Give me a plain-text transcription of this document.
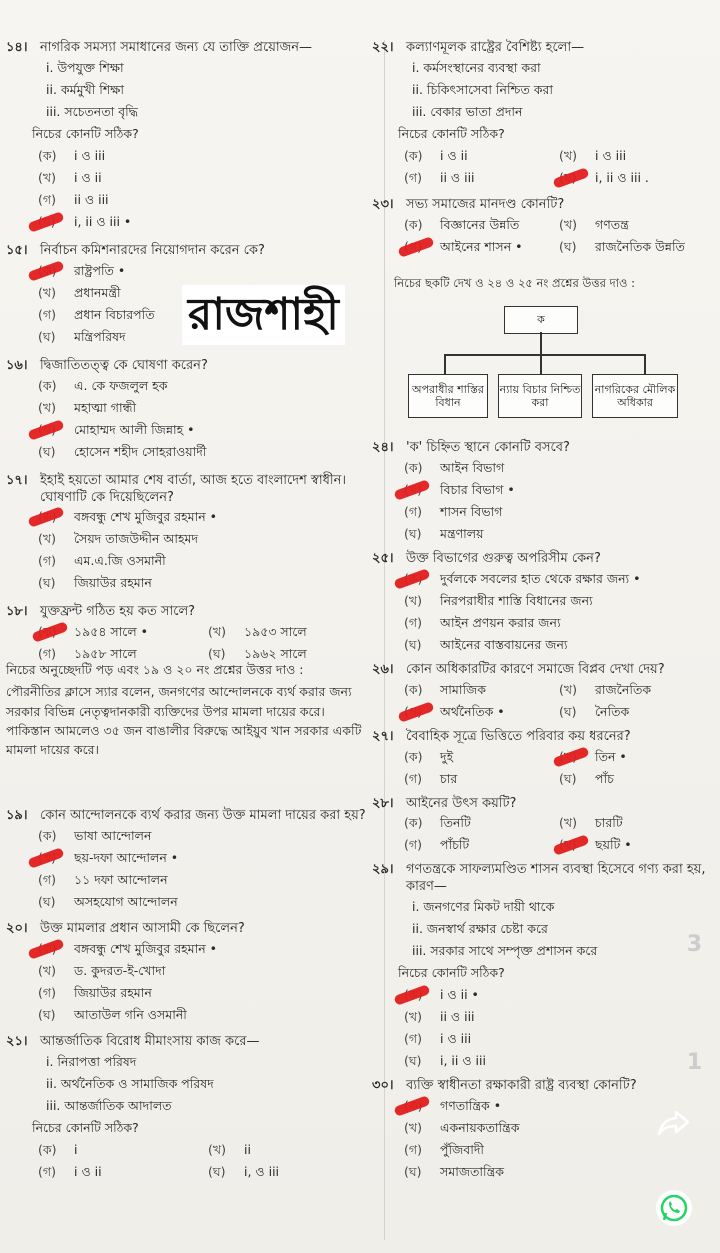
১৪। নাগরিক সমস্যা সমাধানের জন্য যে তাক্তি প্রয়োজন—
i. উপযুক্ত শিক্ষা
ii. কর্মমুখী শিক্ষা
iii. সচেতনতা বৃদ্ধি
নিচের কোনটি সঠিক?
(ক)	i ও iii
(খ)	i ও ii
(গ)	ii ও iii
i, ii ও iii •
১৫। নির্বাচন কমিশনারদের নিয়োগদান করেন কে?
রাষ্ট্রপতি •
(খ)	প্রধানমন্ত্রী
(গ)	প্রধান বিচারপতি
(ঘ)	মন্ত্রিপরিষদ
১৬। দ্বিজাতিতত্ত্ব কে ঘোষণা করেন?
(ক)	এ. কে ফজলুল হক
(খ)	মহাত্মা গান্ধী
মোহাম্মদ আলী জিন্নাহ •
(ঘ)	হোসেন শহীদ সোহরাওয়ার্দী
১৭। ইহাই হয়তো আমার শেষ বার্তা, আজ হতে বাংলাদেশ স্বাধীন। ঘোষণাটি কে দিয়েছিলেন?
বঙ্গবন্ধু শেখ মুজিবুর রহমান •
(খ)	সৈয়দ তাজউদ্দীন আহমদ
(গ)	এম.এ.জি ওসমানী
(ঘ)	জিয়াউর রহমান
১৮। যুক্তফ্রন্ট গঠিত হয় কত সালে?
১৯৫৪ সালে •	(খ)	১৯৫৩ সালে
(গ)	১৯৫৮ সালে	(ঘ)	১৯৬২ সালে
রাজশাহী
নিচের অনুচ্ছেদটি পড় এবং ১৯ ও ২০ নং প্রশ্নের উত্তর দাও :
পৌরনীতির ক্লাসে স্যার বলেন, জনগণের আন্দোলনকে ব্যর্থ করার জন্য সরকার বিভিন্ন নেতৃত্বদানকারী ব্যক্তিদের উপর মামলা দায়ের করে। পাকিস্তান আমলেও ৩৫ জন বাঙালীর বিরুদ্ধে আইয়ুব খান সরকার একটি মামলা দায়ের করে।
১৯। কোন আন্দোলনকে ব্যর্থ করার জন্য উক্ত মামলা দায়ের করা হয়?
(ক)	ভাষা আন্দোলন
ছয়-দফা আন্দোলন •
(গ)	১১ দফা আন্দোলন
(ঘ)	অসহযোগ আন্দোলন
২০। উক্ত মামলার প্রধান আসামী কে ছিলেন?
বঙ্গবন্ধু শেখ মুজিবুর রহমান •
(খ)	ড. কুদরত-ই-খোদা
(গ)	জিয়াউর রহমান
(ঘ)	আতাউল গনি ওসমানী
২১। আন্তর্জাতিক বিরোধ মীমাংসায় কাজ করে—
i. নিরাপত্তা পরিষদ
ii. অর্থনৈতিক ও সামাজিক পরিষদ
iii. আন্তর্জাতিক আদালত
নিচের কোনটি সঠিক?
(ক)	i	(খ)	ii
(গ)	i ও ii	(ঘ)	i, ও iii
২২। কল্যাণমূলক রাষ্ট্রের বৈশিষ্ট্য হলো—
i. কর্মসংস্থানের ব্যবস্থা করা
ii. চিকিৎসাসেবা নিশ্চিত করা
iii. বেকার ভাতা প্রদান
নিচের কোনটি সঠিক?
(ক)	i ও ii	(খ)	i ও iii
(গ)	ii ও iii	i, ii ও iii .
২৩। সভ্য সমাজের মানদণ্ড কোনটি?
(ক)	বিজ্ঞানের উন্নতি	(খ)	গণতন্ত্র
আইনের শাসন •	(ঘ)	রাজনৈতিক উন্নতি
নিচের ছকটি দেখ ও ২৪ ও ২৫ নং প্রশ্নের উত্তর দাও :
ক
অপরাধীর শাস্তির বিধান
ন্যায় বিচার নিশ্চিত করা
নাগরিকের মৌলিক অধিকার
২৪। 'ক' চিহ্নিত স্থানে কোনটি বসবে?
(ক)	আইন বিভাগ
বিচার বিভাগ •
(গ)	শাসন বিভাগ
(ঘ)	মন্ত্রণালয়
২৫। উক্ত বিভাগের গুরুত্ব অপরিসীম কেন?
দুর্বলকে সবলের হাত থেকে রক্ষার জন্য •
(খ)	নিরপরাধীর শাস্তি বিধানের জন্য
(গ)	আইন প্রণয়ন করার জন্য
(ঘ)	আইনের বাস্তবায়নের জন্য
২৬। কোন অধিকারটির কারণে সমাজে বিপ্লব দেখা দেয়?
(ক)	সামাজিক	(খ)	রাজনৈতিক
অর্থনৈতিক •	(ঘ)	নৈতিক
২৭। বৈবাহিক সূত্রে ভিত্তিতে পরিবার কয় ধরনের?
(ক)	দুই	তিন •
(গ)	চার	(ঘ)	পাঁচ
২৮। আইনের উৎস কয়টি?
(ক)	তিনটি	(খ)	চারটি
(গ)	পাঁচটি	ছয়টি •
২৯। গণতন্ত্রকে সাফল্যমণ্ডিত শাসন ব্যবস্থা হিসেবে গণ্য করা হয়, কারণ—
i. জনগণের মিকট দায়ী থাকে
ii. জনস্বার্থ রক্ষার চেষ্টা করে
iii. সরকার সাথে সম্পৃক্ত প্রশাসন করে
নিচের কোনটি সঠিক?
i ও ii •
(খ)	ii ও iii
(গ)	i ও iii
(ঘ)	i, ii ও iii
৩০। ব্যক্তি স্বাধীনতা রক্ষাকারী রাষ্ট্র ব্যবস্থা কোনটি?
গণতান্ত্রিক •
(খ)	একনায়কতান্ত্রিক
(গ)	পুঁজিবাদী
(ঘ)	সমাজতান্ত্রিক
3
1
